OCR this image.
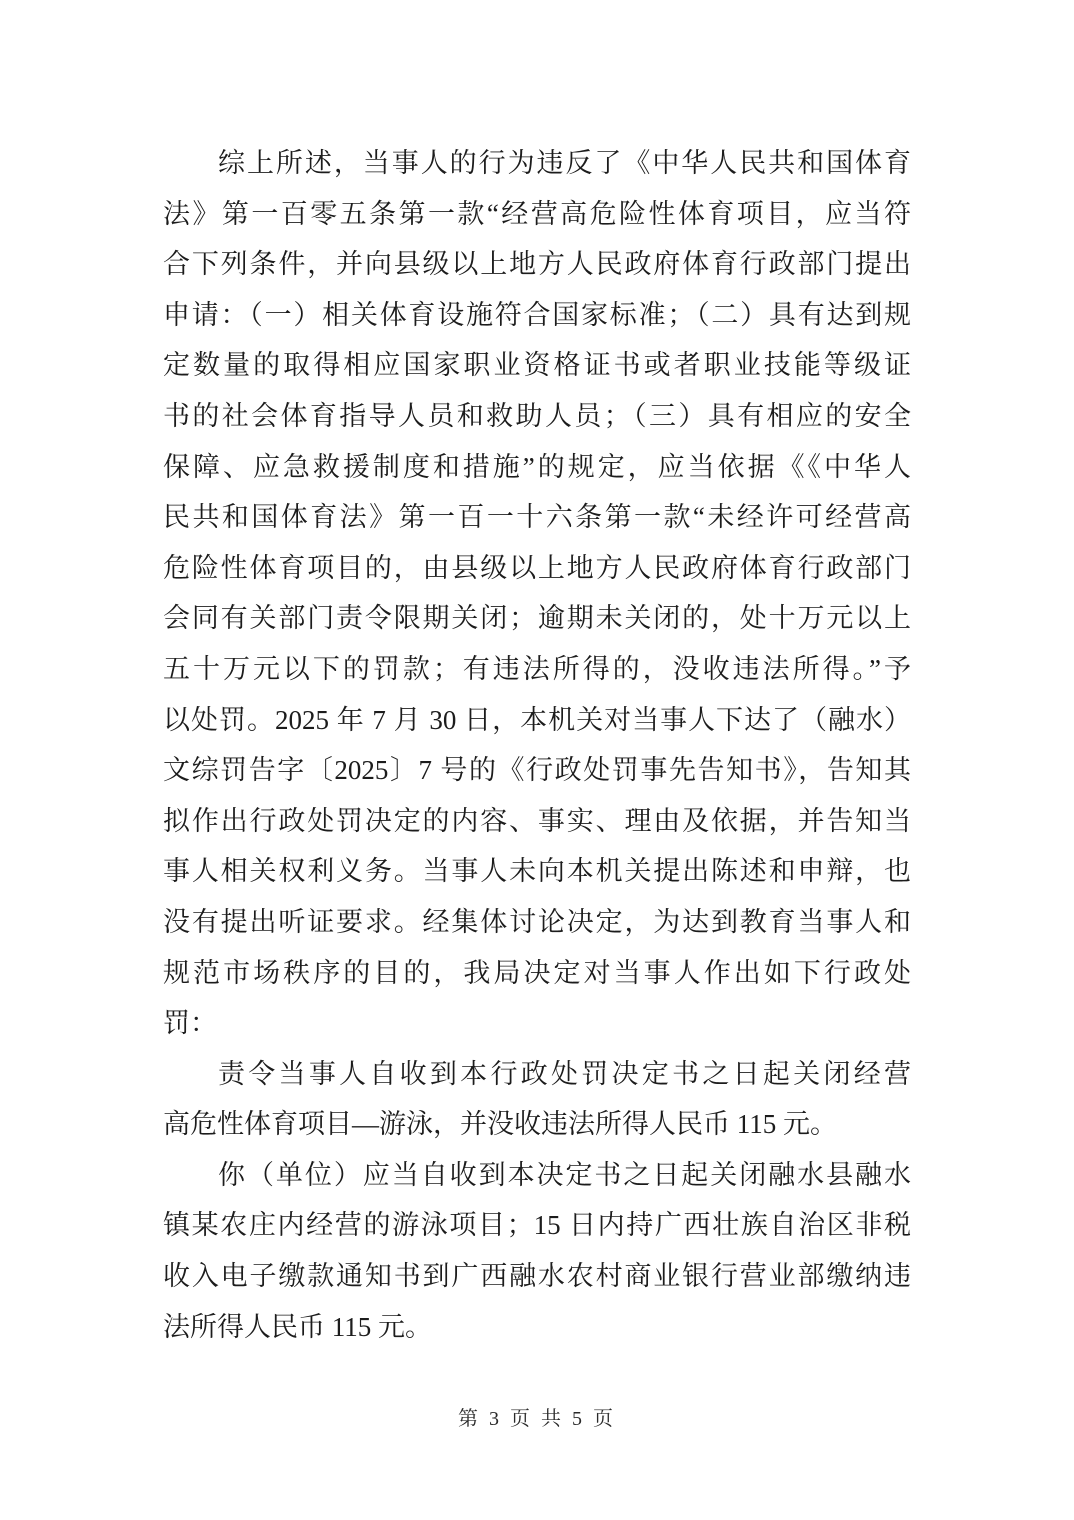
综上所述，当事人的行为违反了《中华人民共和国体育
法》第一百零五条第一款“经营高危险性体育项目，应当符
合下列条件，并向县级以上地方人民政府体育行政部门提出
申请：（一）相关体育设施符合国家标准；（二）具有达到规
定数量的取得相应国家职业资格证书或者职业技能等级证
书的社会体育指导人员和救助人员；（三）具有相应的安全
保障、应急救援制度和措施”的规定，应当依据《《中华人
民共和国体育法》第一百一十六条第一款“未经许可经营高
危险性体育项目的，由县级以上地方人民政府体育行政部门
会同有关部门责令限期关闭；逾期未关闭的，处十万元以上
五十万元以下的罚款；有违法所得的，没收违法所得。”予
以处罚。2025 年 7 月 30 日，本机关对当事人下达了（融水）
文综罚告字〔2025〕7 号的《行政处罚事先告知书》，告知其
拟作出行政处罚决定的内容、事实、理由及依据，并告知当
事人相关权利义务。当事人未向本机关提出陈述和申辩，也
没有提出听证要求。经集体讨论决定，为达到教育当事人和
规范市场秩序的目的，我局决定对当事人作出如下行政处
罚：
责令当事人自收到本行政处罚决定书之日起关闭经营
高危性体育项目—游泳，并没收违法所得人民币 115 元。
你（单位）应当自收到本决定书之日起关闭融水县融水
镇某农庄内经营的游泳项目；15 日内持广西壮族自治区非税
收入电子缴款通知书到广西融水农村商业银行营业部缴纳违
法所得人民币 115 元。
第 3 页 共 5 页
